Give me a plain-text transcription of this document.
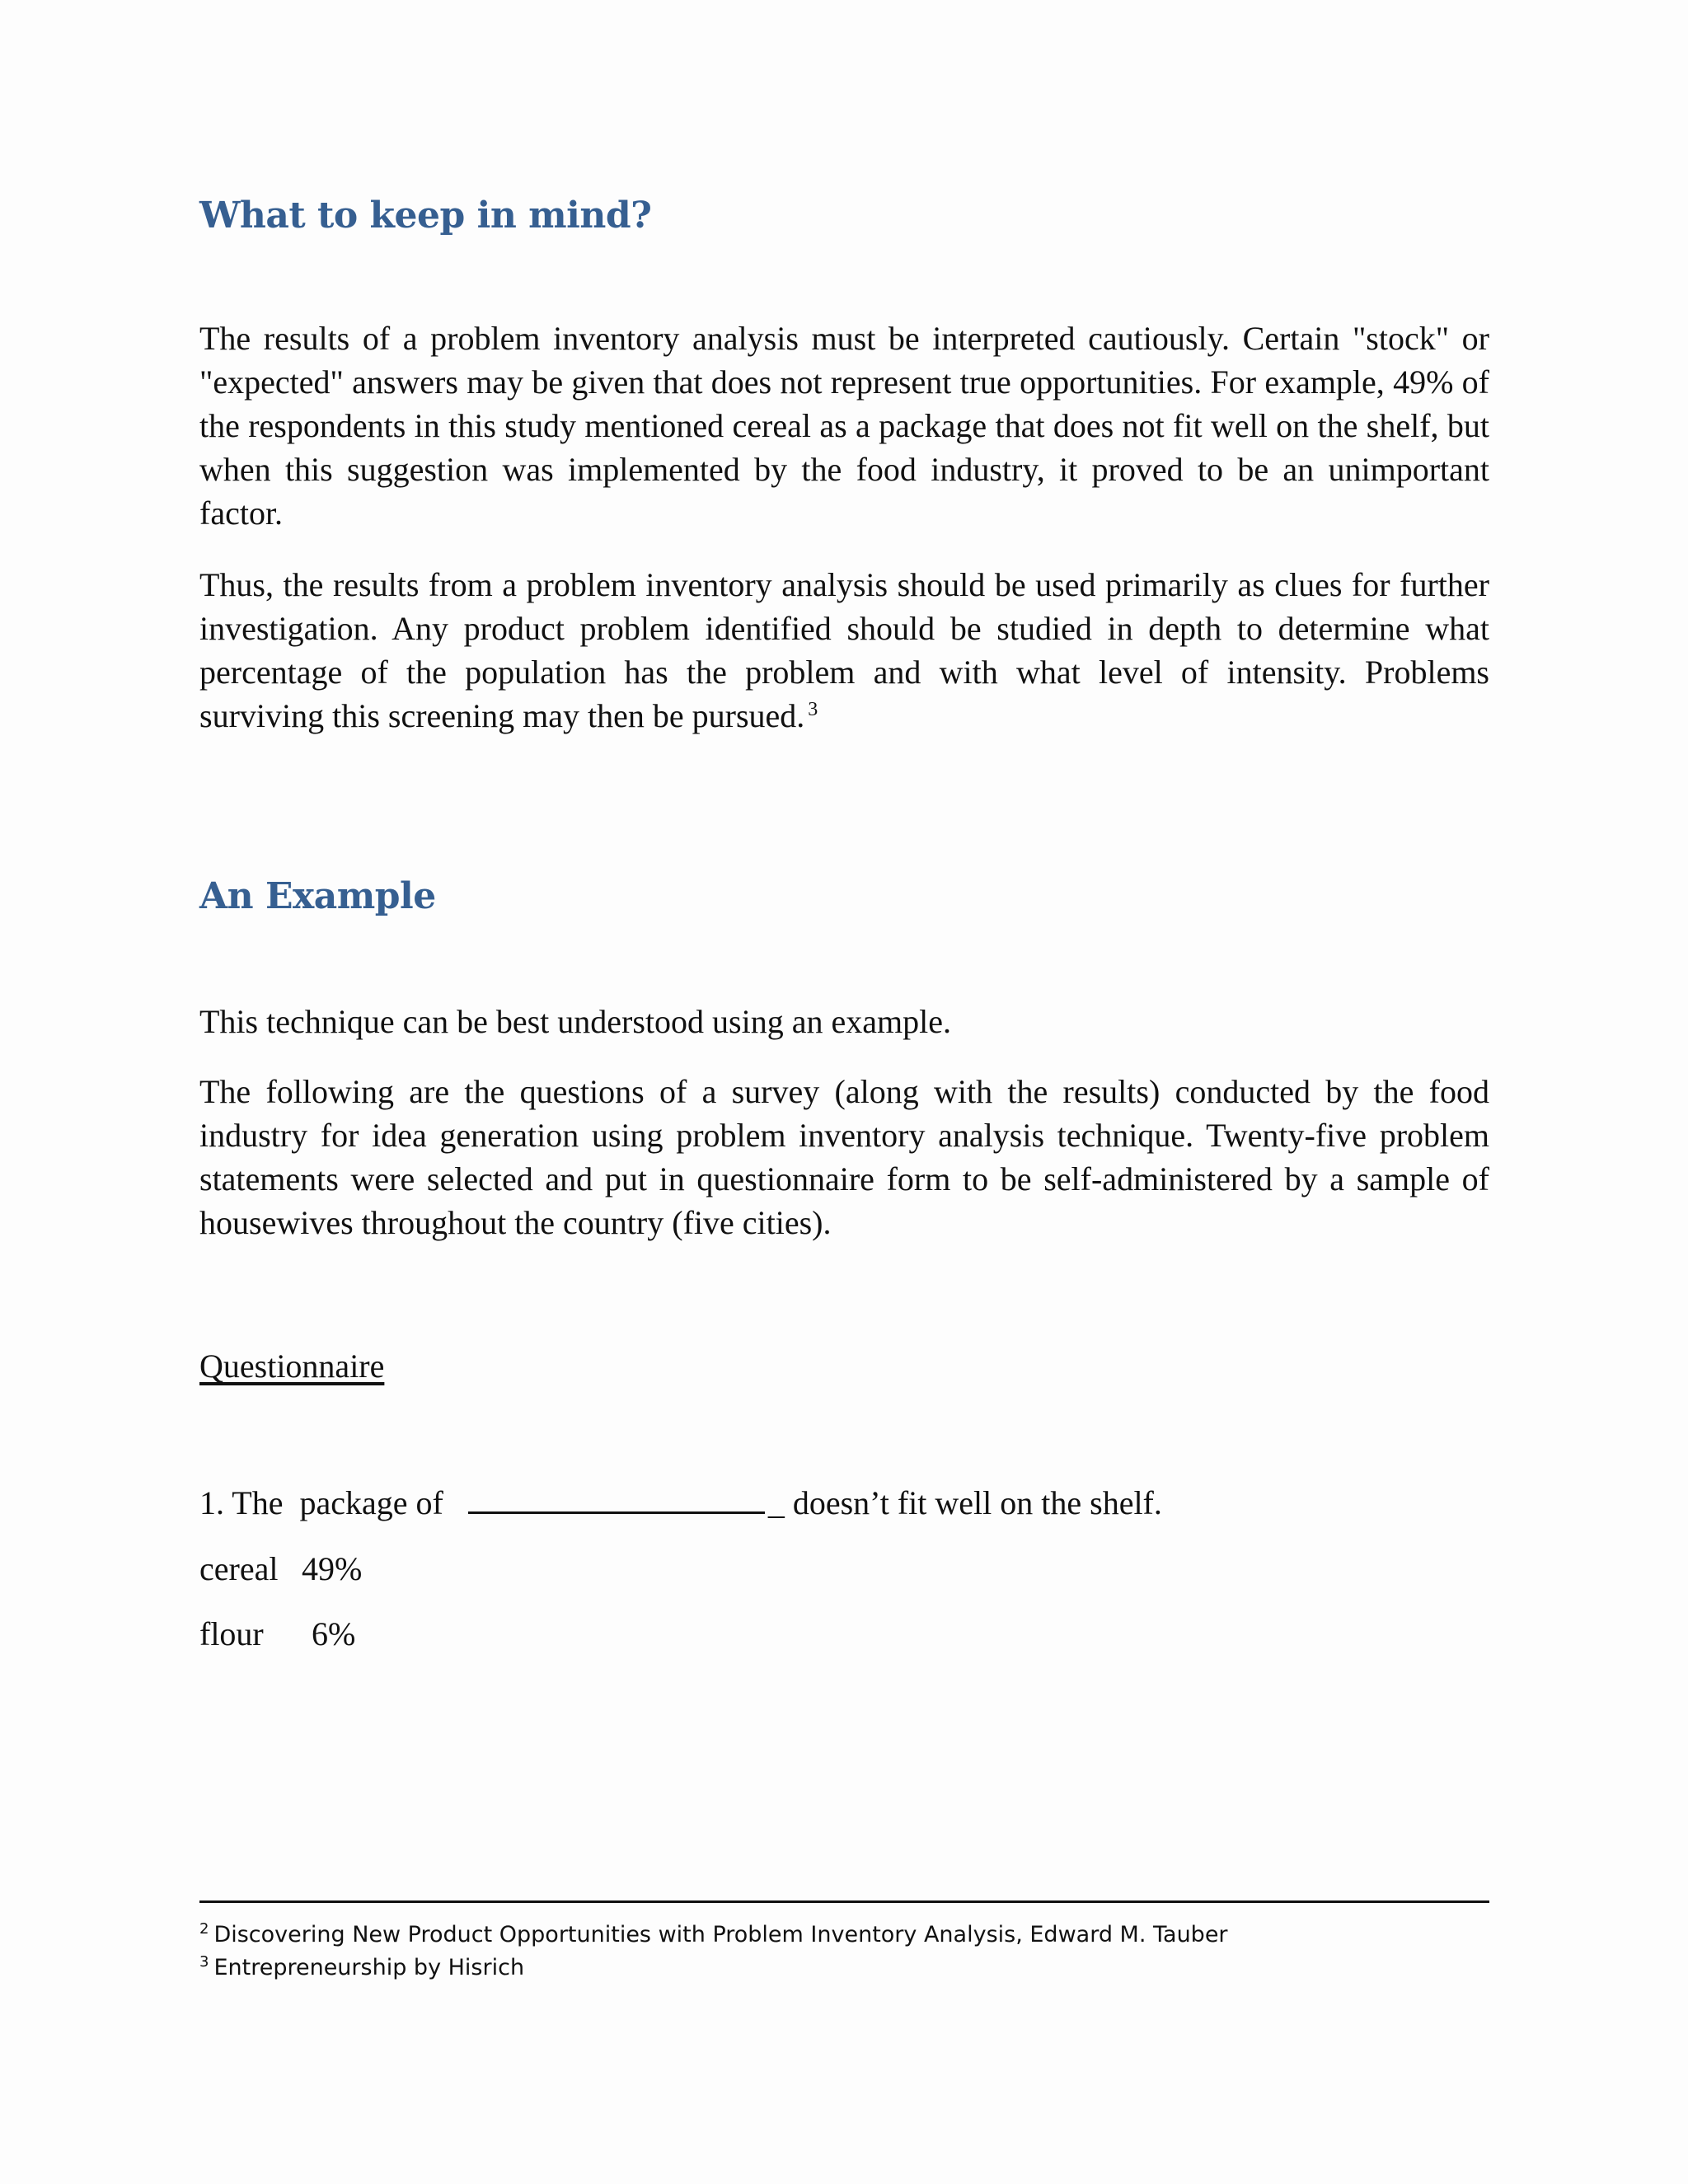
What to keep in mind?

The results of a problem inventory analysis must be interpreted cautiously. Certain "stock" or "expected" answers may be given that does not represent true opportunities. For example, 49% of the respondents in this study mentioned cereal as a package that does not fit well on the shelf, but when this suggestion was implemented by the food industry, it proved to be an unimportant factor.

Thus, the results from a problem inventory analysis should be used primarily as clues for further investigation. Any product problem identified should be studied in depth to determine what percentage of the population has the problem and with what level of intensity. Problems surviving this screening may then be pursued. $^3$

An Example

This technique can be best understood using an example.

The following are the questions of a survey (along with the results) conducted by the food industry for idea generation using problem inventory analysis technique. Twenty-five problem statements were selected and put in questionnaire form to be self-administered by a sample of housewives throughout the country (five cities).

Questionnaire

1. The  package of	_ doesn’t fit well on the shelf.

cereal 49%
flour 6%

$^2$ Discovering New Product Opportunities with Problem Inventory Analysis, Edward M. Tauber

$^3$ Entrepreneurship by Hisrich
